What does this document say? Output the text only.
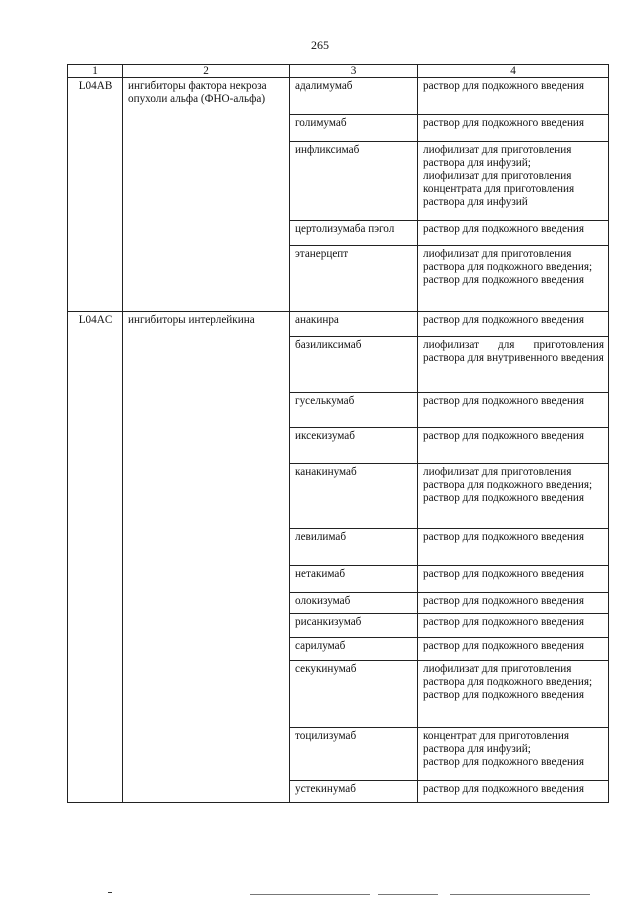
265
1	2	3	4
L04AB	ингибиторы фактора некроза опухоли альфа (ФНО-альфа)	адалимумаб	раствор для подкожного введения

		голимумаб	раствор для подкожного введения

		инфликсимаб	лиофилизат для приготовления раствора для инфузий;
лиофилизат для приготовления концентрата для приготовления раствора для инфузий

		цертолизумаба пэгол	раствор для подкожного введения

		этанерцепт	лиофилизат для приготовления раствора для подкожного введения;
раствор для подкожного введения

L04AC	ингибиторы интерлейкина	анакинра	раствор для подкожного введения

		базиликсимаб	лиофилизат для приготовления раствора для внутривенного введения

		гуселькумаб	раствор для подкожного введения

		иксекизумаб	раствор для подкожного введения

		канакинумаб	лиофилизат для приготовления раствора для подкожного введения;
раствор для подкожного введения

		левилимаб	раствор для подкожного введения

		нетакимаб	раствор для подкожного введения

		олокизумаб	раствор для подкожного введения

		рисанкизумаб	раствор для подкожного введения

		сарилумаб	раствор для подкожного введения

		секукинумаб	лиофилизат для приготовления раствора для подкожного введения;
раствор для подкожного введения

		тоцилизумаб	концентрат для приготовления раствора для инфузий;
раствор для подкожного введения

		устекинумаб	раствор для подкожного введения
